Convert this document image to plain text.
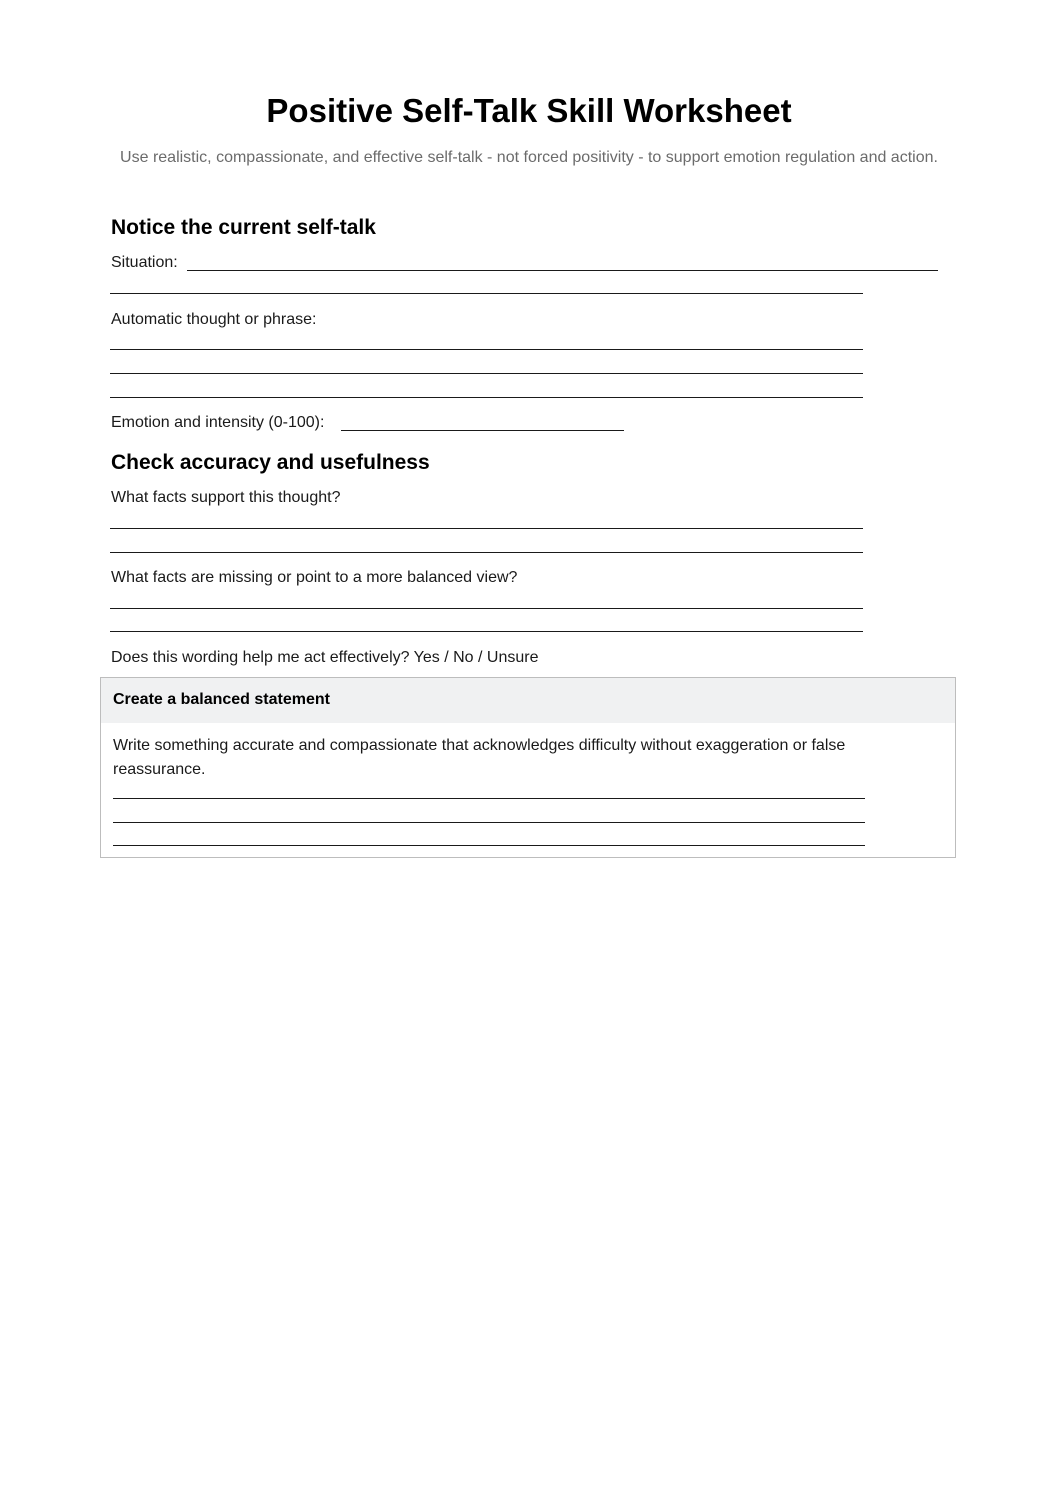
Positive Self-Talk Skill Worksheet

Use realistic, compassionate, and effective self-talk - not forced positivity - to support emotion regulation and action.

Notice the current self-talk
Situation:
Automatic thought or phrase:
Emotion and intensity (0-100):
Check accuracy and usefulness
What facts support this thought?
What facts are missing or point to a more balanced view?
Does this wording help me act effectively? Yes / No / Unsure
Create a balanced statement
Write something accurate and compassionate that acknowledges difficulty without exaggeration or false reassurance.
